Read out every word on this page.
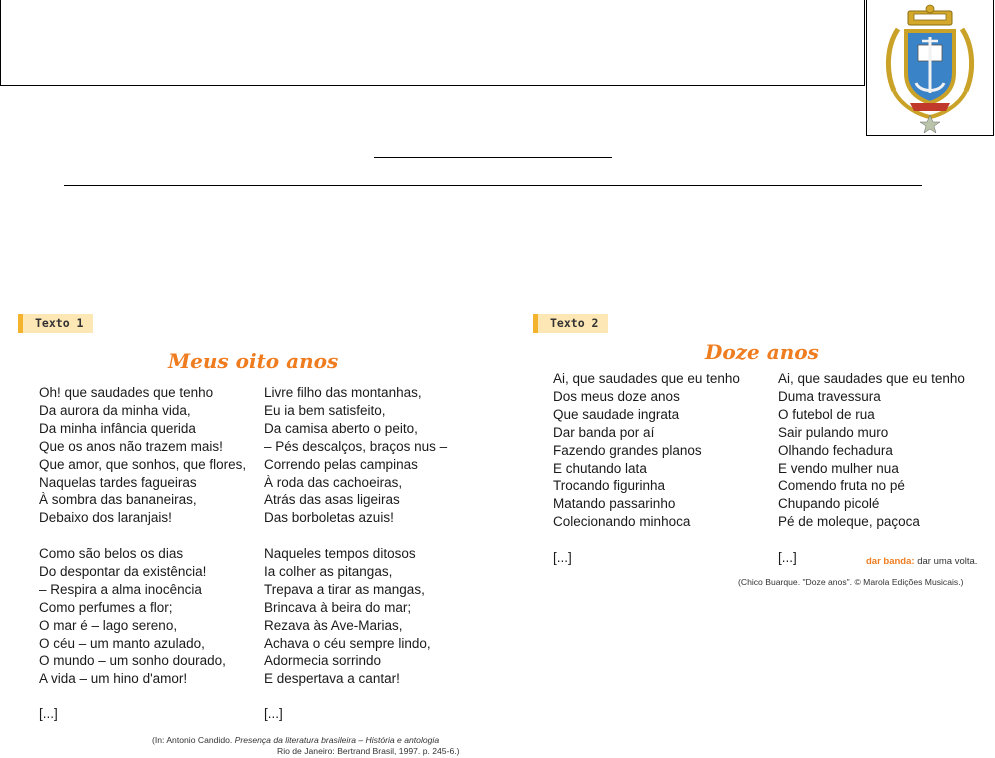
Texto 1
Meus oito anos
Oh! que saudades que tenho
Da aurora da minha vida,
Da minha infância querida
Que os anos não trazem mais!
Que amor, que sonhos, que flores,
Naquelas tardes fagueiras
À sombra das bananeiras,
Debaixo dos laranjais!
Como são belos os dias
Do despontar da existência!
– Respira a alma inocência
Como perfumes a flor;
O mar é – lago sereno,
O céu – um manto azulado,
O mundo – um sonho dourado,
A vida – um hino d'amor!
Livre filho das montanhas,
Eu ia bem satisfeito,
Da camisa aberto o peito,
– Pés descalços, braços nus –
Correndo pelas campinas
À roda das cachoeiras,
Atrás das asas ligeiras
Das borboletas azuis!
Naqueles tempos ditosos
Ia colher as pitangas,
Trepava a tirar as mangas,
Brincava à beira do mar;
Rezava às Ave-Marias,
Achava o céu sempre lindo,
Adormecia sorrindo
E despertava a cantar!
[...]	[...]
(In: Antonio Candido. Presença da literatura brasileira – História e antologia
Rio de Janeiro: Bertrand Brasil, 1997. p. 245-6.)
Texto 2
Doze anos
Ai, que saudades que eu tenho
Dos meus doze anos
Que saudade ingrata
Dar banda por aí
Fazendo grandes planos
E chutando lata
Trocando figurinha
Matando passarinho
Colecionando minhoca
Ai, que saudades que eu tenho
Duma travessura
O futebol de rua
Sair pulando muro
Olhando fechadura
E vendo mulher nua
Comendo fruta no pé
Chupando picolé
Pé de moleque, paçoca
[...]	[...]	dar banda: dar uma volta.
(Chico Buarque. "Doze anos". © Marola Edições Musicais.)
